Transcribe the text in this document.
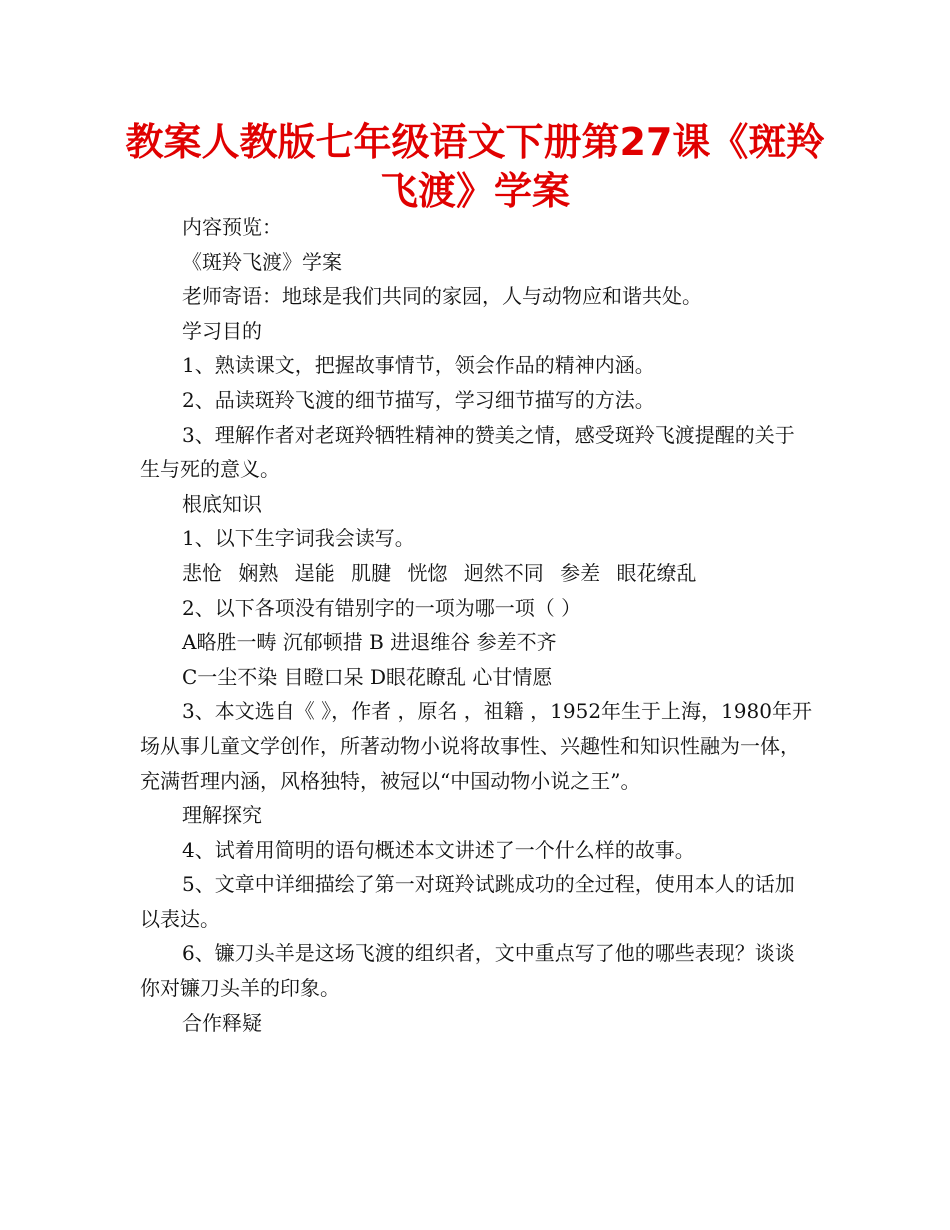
教案人教版七年级语文下册第27课《斑羚飞渡》学案

内容预览：

《斑羚飞渡》学案

老师寄语：地球是我们共同的家园，人与动物应和谐共处。

学习目的

1、熟读课文，把握故事情节，领会作品的精神内涵。

2、品读斑羚飞渡的细节描写，学习细节描写的方法。

3、理解作者对老斑羚牺牲精神的赞美之情，感受斑羚飞渡提醒的关于生与死的意义。

根底知识

1、以下生字词我会读写。

悲怆 娴熟 逞能 肌腱 恍惚 迥然不同 参差 眼花缭乱

2、以下各项没有错别字的一项为哪一项（ ）

A略胜一畴 沉郁顿措 B 进退维谷 参差不齐

C一尘不染 目瞪口呆 D眼花瞭乱 心甘情愿

3、本文选自《 》，作者 ，原名 ，祖籍 ，1952年生于上海，1980年开场从事儿童文学创作，所著动物小说将故事性、兴趣性和知识性融为一体，充满哲理内涵，风格独特，被冠以“中国动物小说之王”。

理解探究

4、试着用简明的语句概述本文讲述了一个什么样的故事。

5、文章中详细描绘了第一对斑羚试跳成功的全过程，使用本人的话加以表达。

6、镰刀头羊是这场飞渡的组织者，文中重点写了他的哪些表现？谈谈你对镰刀头羊的印象。

合作释疑
